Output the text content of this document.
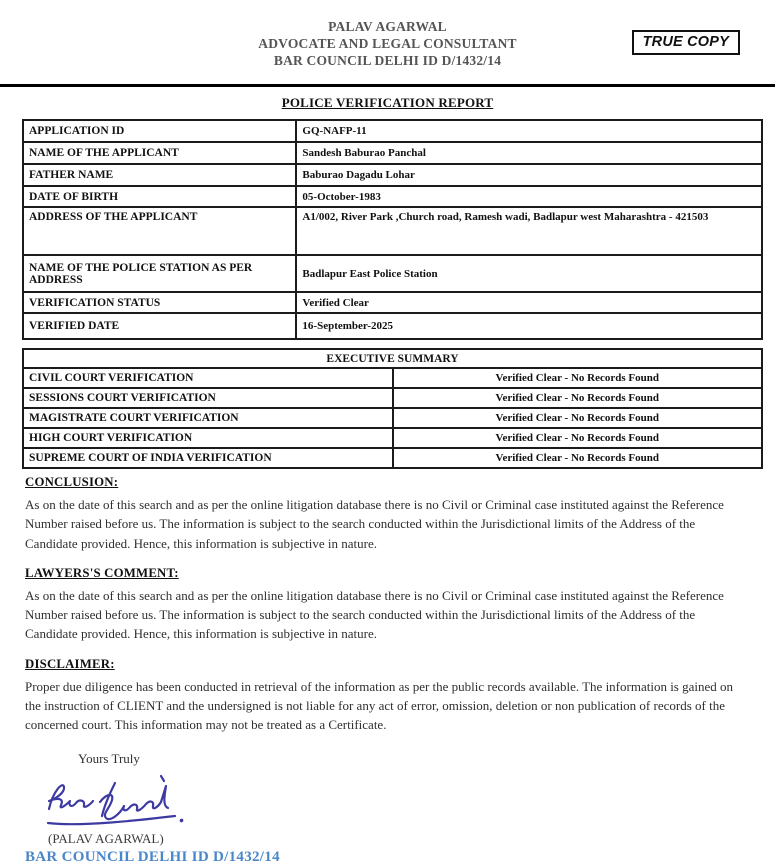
TRUE COPY
PALAV AGARWAL
ADVOCATE AND LEGAL CONSULTANT
BAR COUNCIL DELHI ID D/1432/14
POLICE VERIFICATION REPORT
APPLICATION ID	GQ-NAFP-11
NAME OF THE APPLICANT	Sandesh Baburao Panchal
FATHER NAME	Baburao Dagadu Lohar
DATE OF BIRTH	05-October-1983
ADDRESS OF THE APPLICANT	A1/002, River Park ,Church road, Ramesh wadi, Badlapur west Maharashtra - 421503
NAME OF THE POLICE STATION AS PER ADDRESS	Badlapur East Police Station
VERIFICATION STATUS	Verified Clear
VERIFIED DATE	16-September-2025
EXECUTIVE SUMMARY	
CIVIL COURT VERIFICATION	Verified Clear - No Records Found
SESSIONS COURT VERIFICATION	Verified Clear - No Records Found
MAGISTRATE COURT VERIFICATION	Verified Clear - No Records Found
HIGH COURT VERIFICATION	Verified Clear - No Records Found
SUPREME COURT OF INDIA VERIFICATION	Verified Clear - No Records Found
CONCLUSION:

As on the date of this search and as per the online litigation database there is no Civil or Criminal case instituted against the Reference Number raised before us. The information is subject to the search conducted within the Jurisdictional limits of the Address of the Candidate provided. Hence, this information is subjective in nature.

LAWYERS'S COMMENT:

As on the date of this search and as per the online litigation database there is no Civil or Criminal case instituted against the Reference Number raised before us. The information is subject to the search conducted within the Jurisdictional limits of the Address of the Candidate provided. Hence, this information is subjective in nature.

DISCLAIMER:

Proper due diligence has been conducted in retrieval of the information as per the public records available. The information is gained on the instruction of CLIENT and the undersigned is not liable for any act of error, omission, deletion or non publication of records of the concerned court. This information may not be treated as a Certificate.

Yours Truly
(PALAV AGARWAL)
BAR COUNCIL DELHI ID D/1432/14
